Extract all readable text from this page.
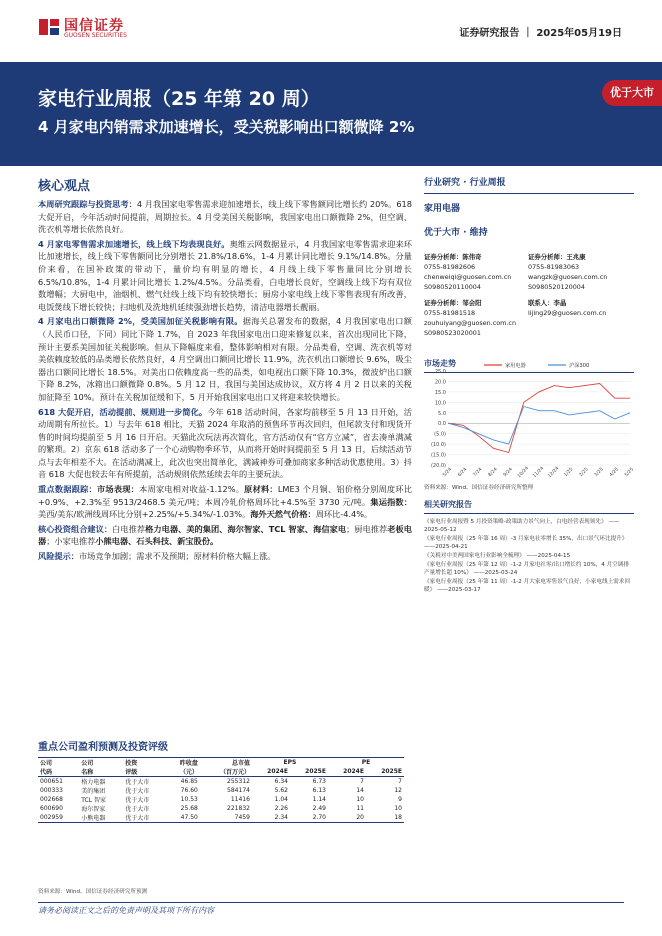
国信证券
GUOSEN SECURITIES	证券研究报告 ｜ 2025年05月19日
家电行业周报（25 年第 20 周）
4 月家电内销需求加速增长，受关税影响出口额微降 2%
优于大市
核心观点

本周研究跟踪与投资思考：4 月我国家电零售需求迎加速增长，线上线下零售额同比增长约 20%。618 大促开启，今年活动时间提前，周期拉长。4 月受美国关税影响，我国家电出口额微降 2%，但空调、洗衣机等增长依然良好。

4 月家电零售需求加速增长，线上线下均表现良好。奥维云网数据显示，4 月我国家电零售需求迎来环比加速增长，线上线下零售额同比分别增长 21.8%/18.6%，1-4 月累计同比增长 9.1%/14.8%。分量价来看，在国补政策的带动下，量价均有明显的增长，4 月线上线下零售量同比分别增长 6.5%/10.8%，1-4 月累计同比增长 1.2%/4.5%。分品类看，白电增长良好，空调线上线下均有双位数增幅；大厨电中，油烟机、燃气灶线上线下均有较快增长；厨房小家电线上线下零售表现有所改善，电饭煲线下增长较快；扫地机及洗地机延续强劲增长趋势，清洁电器增长靓丽。

4 月家电出口额微降 2%，受美国加征关税影响有限。据海关总署发布的数据，4 月我国家电出口额（人民币口径，下同）同比下降 1.7%，自 2023 年我国家电出口迎来修复以来，首次出现同比下降，预计主要系美国加征关税影响。但从下降幅度来看，整体影响相对有限。分品类看，空调、洗衣机等对美依赖度较低的品类增长依然良好，4 月空调出口额同比增长 11.9%，洗衣机出口额增长 9.6%，吸尘器出口额同比增长 18.5%。对美出口依赖度高一些的品类，如电视出口额下降 10.3%，微波炉出口额下降 8.2%，冰箱出口额微降 0.8%。5 月 12 日，我国与美国达成协议，双方将 4 月 2 日以来的关税加征降至 10%。预计在关税加征缓和下，5 月开始我国家电出口又将迎来较快增长。

618 大促开启，活动提前、规则进一步简化。今年 618 活动时间，各家均前移至 5 月 13 日开始，活动周期有所拉长。1）与去年 618 相比，天猫 2024 年取消的预售环节再次回归，但尾款支付和现货开售的时间均提前至 5 月 16 日开启。天猫此次玩法再次简化，官方活动仅有“官方立减”，省去凑单满减的繁琐。2）京东 618 活动多了一个心动购物季环节，从而将开始时间提前至 5 月 13 日，后续活动节点与去年相差不大。在活动满减上，此次也突出简单化，满减神券可叠加商家多种活动优惠使用。3）抖音 618 大促也较去年有所提前，活动规则依然延续去年的主要玩法。

重点数据跟踪：市场表现：本周家电相对收益-1.12%。原材料：LME3 个月铜、铝价格分别周度环比+0.9%、+2.3%至 9513/2468.5 美元/吨；本周冷轧价格周环比+4.5%至 3730 元/吨。集运指数：美西/美东/欧洲线周环比分别+2.25%/+5.34%/-1.03%。海外天然气价格：周环比-4.4%。

核心投资组合建议：白电推荐格力电器、美的集团、海尔智家、TCL 智家、海信家电；厨电推荐老板电器；小家电推荐小熊电器、石头科技、新宝股份。

风险提示：市场竞争加剧；需求不及预期；原材料价格大幅上涨。

重点公司盈利预测及投资评级
公司	公司	投资	昨收盘	总市值	EPS		PE	
代码	名称	评级	（元）	（百万元）	2024E	2025E	2024E	2025E
000651	格力电器	优于大市	46.85	255312	6.34	6.73	7	7
000333	美的集团	优于大市	76.60	584174	5.62	6.13	14	12
002668	TCL 智家	优于大市	10.53	11416	1.04	1.14	10	9
600690	海尔智家	优于大市	25.68	221832	2.26	2.49	11	10
002959	小熊电器	优于大市	47.50	7459	2.34	2.70	20	18
资料来源：Wind、国信证券经济研究所预测
请务必阅读正文之后的免责声明及其项下所有内容
行业研究 · 行业周报
家用电器
优于大市 · 维持
证券分析师：陈伟奇
0755-81982606
chenweiqi@guosen.com.cn
S0980520110004
证券分析师：王兆康
0755-81983063
wangzk@guosen.com.cn
S0980520120004
证券分析师：邹会阳
0755-81981518
zouhuiyang@guosen.com.cn
S0980523020001
联系人：李晶
lijing29@guosen.com.cn
市场走势
25.0
20.0
15.0
10.0
5.0
0.0
(5.0)
(10.0)
(15.0)
(20.0)
5/24 6/24 7/24 8/24 9/24 10/24 11/24 12/24 1/25 2/25 3/25 4/25 5/25
家用电器	沪深300
资料来源：Wind、国信证券经济研究所整理
相关研究报告
《家电行业周报暨 5 月投资策略-政策助力景气向上，白电经营表现领先》 ——2025-05-12
《家电行业周报（25 年第 16 周）-3 月家电社零增长 35%，出口景气环比提升》 ——2025-04-21
《关税对中美两国家电行业影响全梳理》 ——2025-04-15
《家电行业周报（25 年第 12 周）-1-2 月家电社零/出口增长约 10%，4 月空调排产量增长超 10%》 ——2025-03-24
《家电行业周报（25 年第 11 周）-1-2 月大家电零售景气良好，小家电线上需求回暖》 ——2025-03-17
